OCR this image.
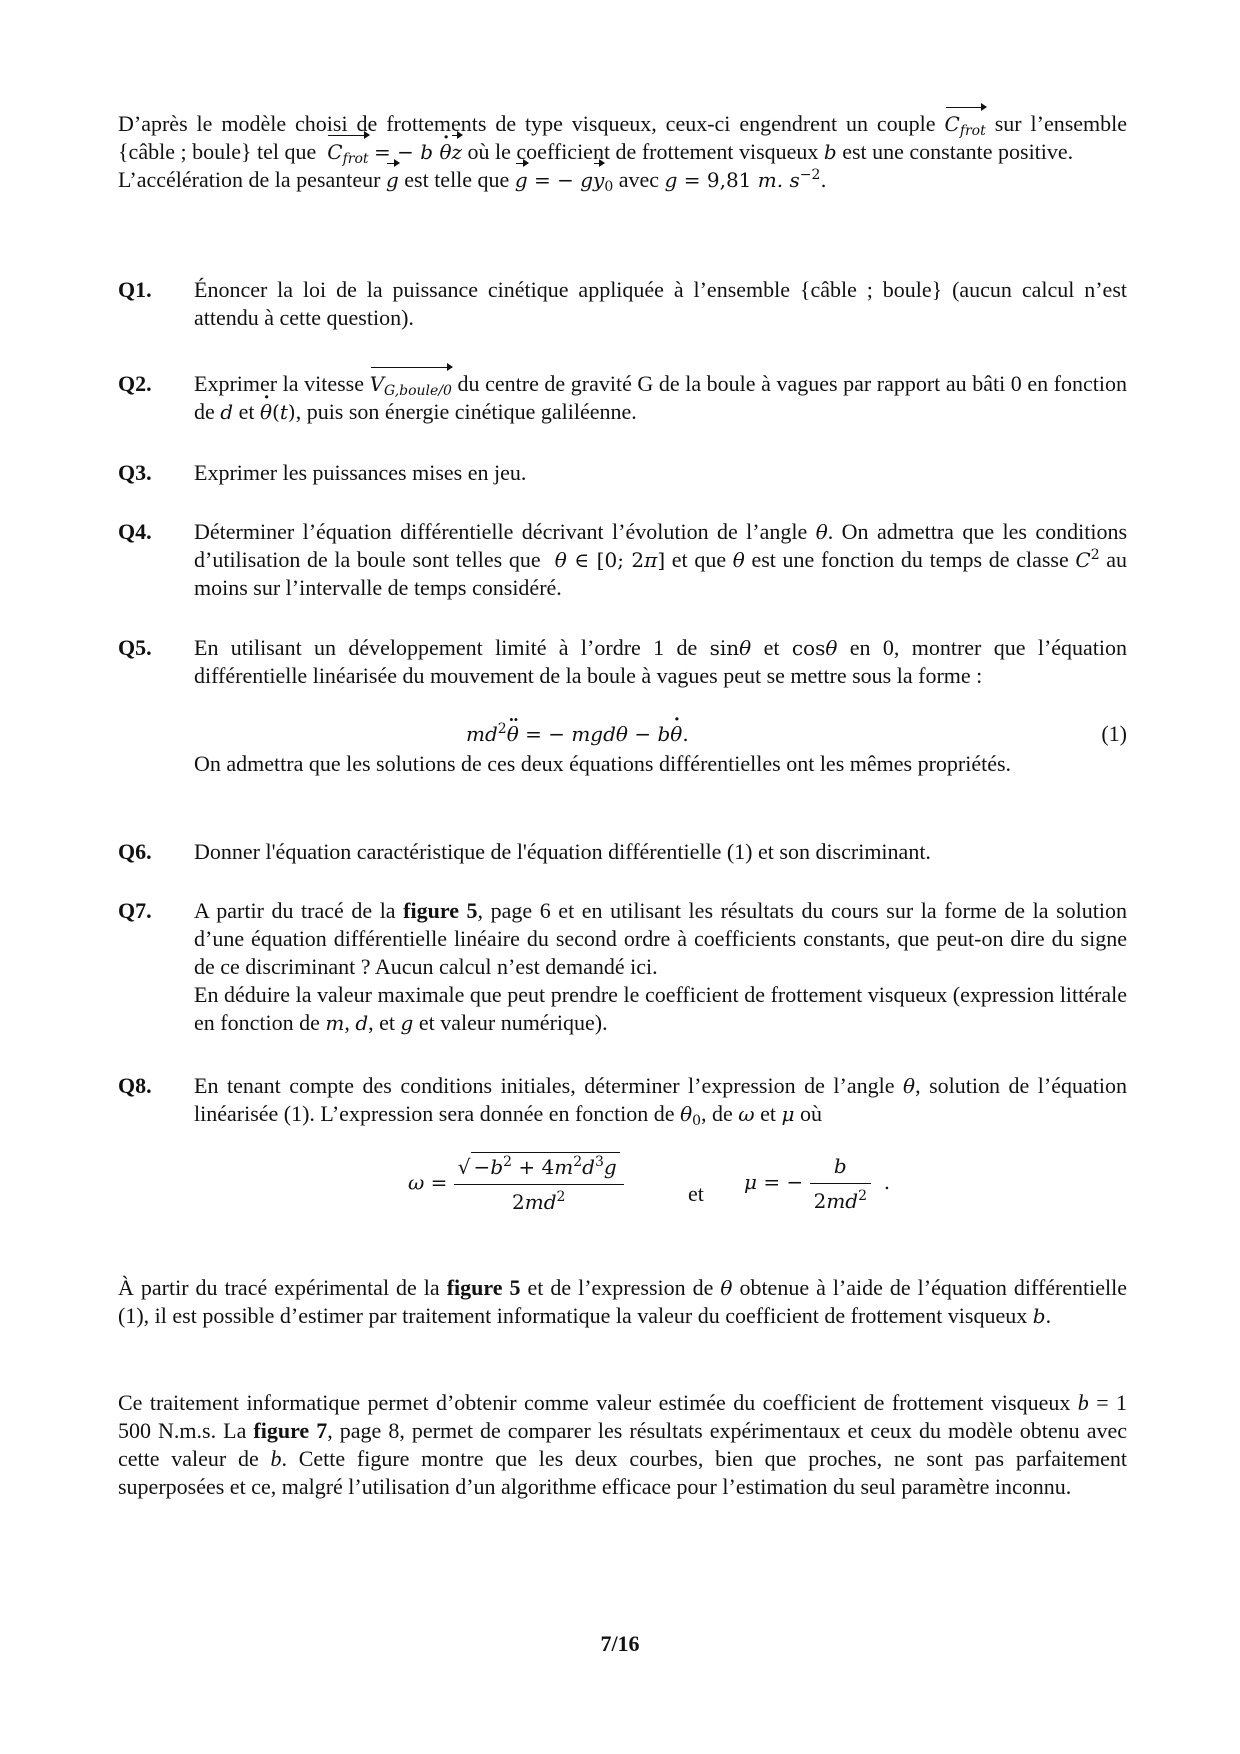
D’après le modèle choisi de frottements de type visqueux, ceux-ci engendrent un couple $C_{frot}$ sur l’ensemble {câble ; boule} tel que $C_{frot}$ = − b · θz où le coefficient de frottement visqueux b est une constante positive.
L’accélération de la pesanteur g est telle que g = − $gy_0$ avec g = 9,81 m. $s^{-2}$.
Q1. Énoncer la loi de la puissance cinétique appliquée à l’ensemble {câble ; boule} (aucun calcul n’est attendu à cette question).
Q2. Exprimer la vitesse $V_{G,boule/0}$ du centre de gravité G de la boule à vagues par rapport au bâti 0 en fonction de d et · θ(t), puis son énergie cinétique galiléenne.
Q3. Exprimer les puissances mises en jeu.
Q4. Déterminer l’équation différentielle décrivant l’évolution de l’angle θ. On admettra que les conditions d’utilisation de la boule sont telles que θ ∈ [0; 2π] et que θ est une fonction du temps de classe $C^2$ au moins sur l’intervalle de temps considéré.
Q5. En utilisant un développement limité à l’ordre 1 de sinθ et cosθ en 0, montrer que l’équation différentielle linéarisée du mouvement de la boule à vagues peut se mettre sous la forme :
$md^2\cdot\cdot \theta$ = − mgdθ − b· θ.	(1)
On admettra que les solutions de ces deux équations différentielles ont les mêmes propriétés.
Q6. Donner l'équation caractéristique de l'équation différentielle (1) et son discriminant.
Q7. A partir du tracé de la figure 5, page 6 et en utilisant les résultats du cours sur la forme de la solution d’une équation différentielle linéaire du second ordre à coefficients constants, que peut-on dire du signe de ce discriminant ? Aucun calcul n’est demandé ici.
En déduire la valeur maximale que peut prendre le coefficient de frottement visqueux (expression littérale en fonction de m, d, et g et valeur numérique).
Q8. En tenant compte des conditions initiales, déterminer l’expression de l’angle θ, solution de l’équation linéarisée (1). L’expression sera donnée en fonction de $\theta_0$, de ω et μ où
$\omega = \frac{√ -b^2 + 4m^2d^3g}{2md^2}$	et μ = − $\frac{b}{2md^2}$ .
À partir du tracé expérimental de la figure 5 et de l’expression de θ obtenue à l’aide de l’équation différentielle (1), il est possible d’estimer par traitement informatique la valeur du coefficient de frottement visqueux b.
Ce traitement informatique permet d’obtenir comme valeur estimée du coefficient de frottement visqueux b = 1 500 N.m.s. La figure 7, page 8, permet de comparer les résultats expérimentaux et ceux du modèle obtenu avec cette valeur de b. Cette figure montre que les deux courbes, bien que proches, ne sont pas parfaitement superposées et ce, malgré l’utilisation d’un algorithme efficace pour l’estimation du seul paramètre inconnu.
7/16
